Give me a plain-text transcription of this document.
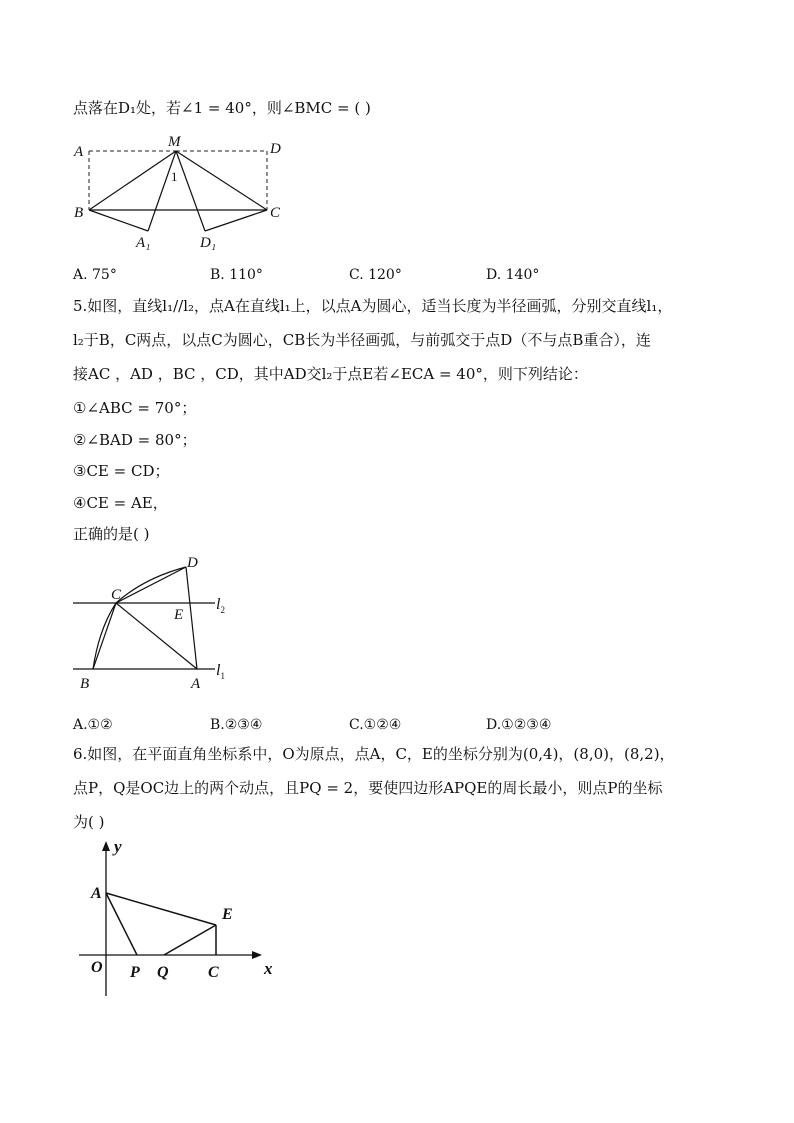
点落在D₁处，若∠1 = 40°，则∠BMC = ( )
A
M	D
1
B	C
A₁	D₁
A. 75°	B. 110°	C. 120°	D. 140°
5.如图，直线l₁//l₂，点A在直线l₁上，以点A为圆心，适当长度为半径画弧，分别交直线l₁，
l₂于B，C两点，以点C为圆心，CB长为半径画弧，与前弧交于点D（不与点B重合），连
接AC ，AD ，BC ，CD，其中AD交l₂于点E若∠ECA = 40°，则下列结论：
①∠ABC = 70°；
②∠BAD = 80°；
③CE = CD；
④CE = AE，
正确的是( )
D
C
E
$l_2$
$l_1$
B	A
A.①②	B.②③④	C.①②④	D.①②③④
6.如图，在平面直角坐标系中，O为原点，点A，C，E的坐标分别为(0,4)，(8,0)，(8,2)，
点P，Q是OC边上的两个动点，且PQ = 2，要使四边形APQE的周长最小，则点P的坐标
为( )
y
x
A
E
O P Q C
